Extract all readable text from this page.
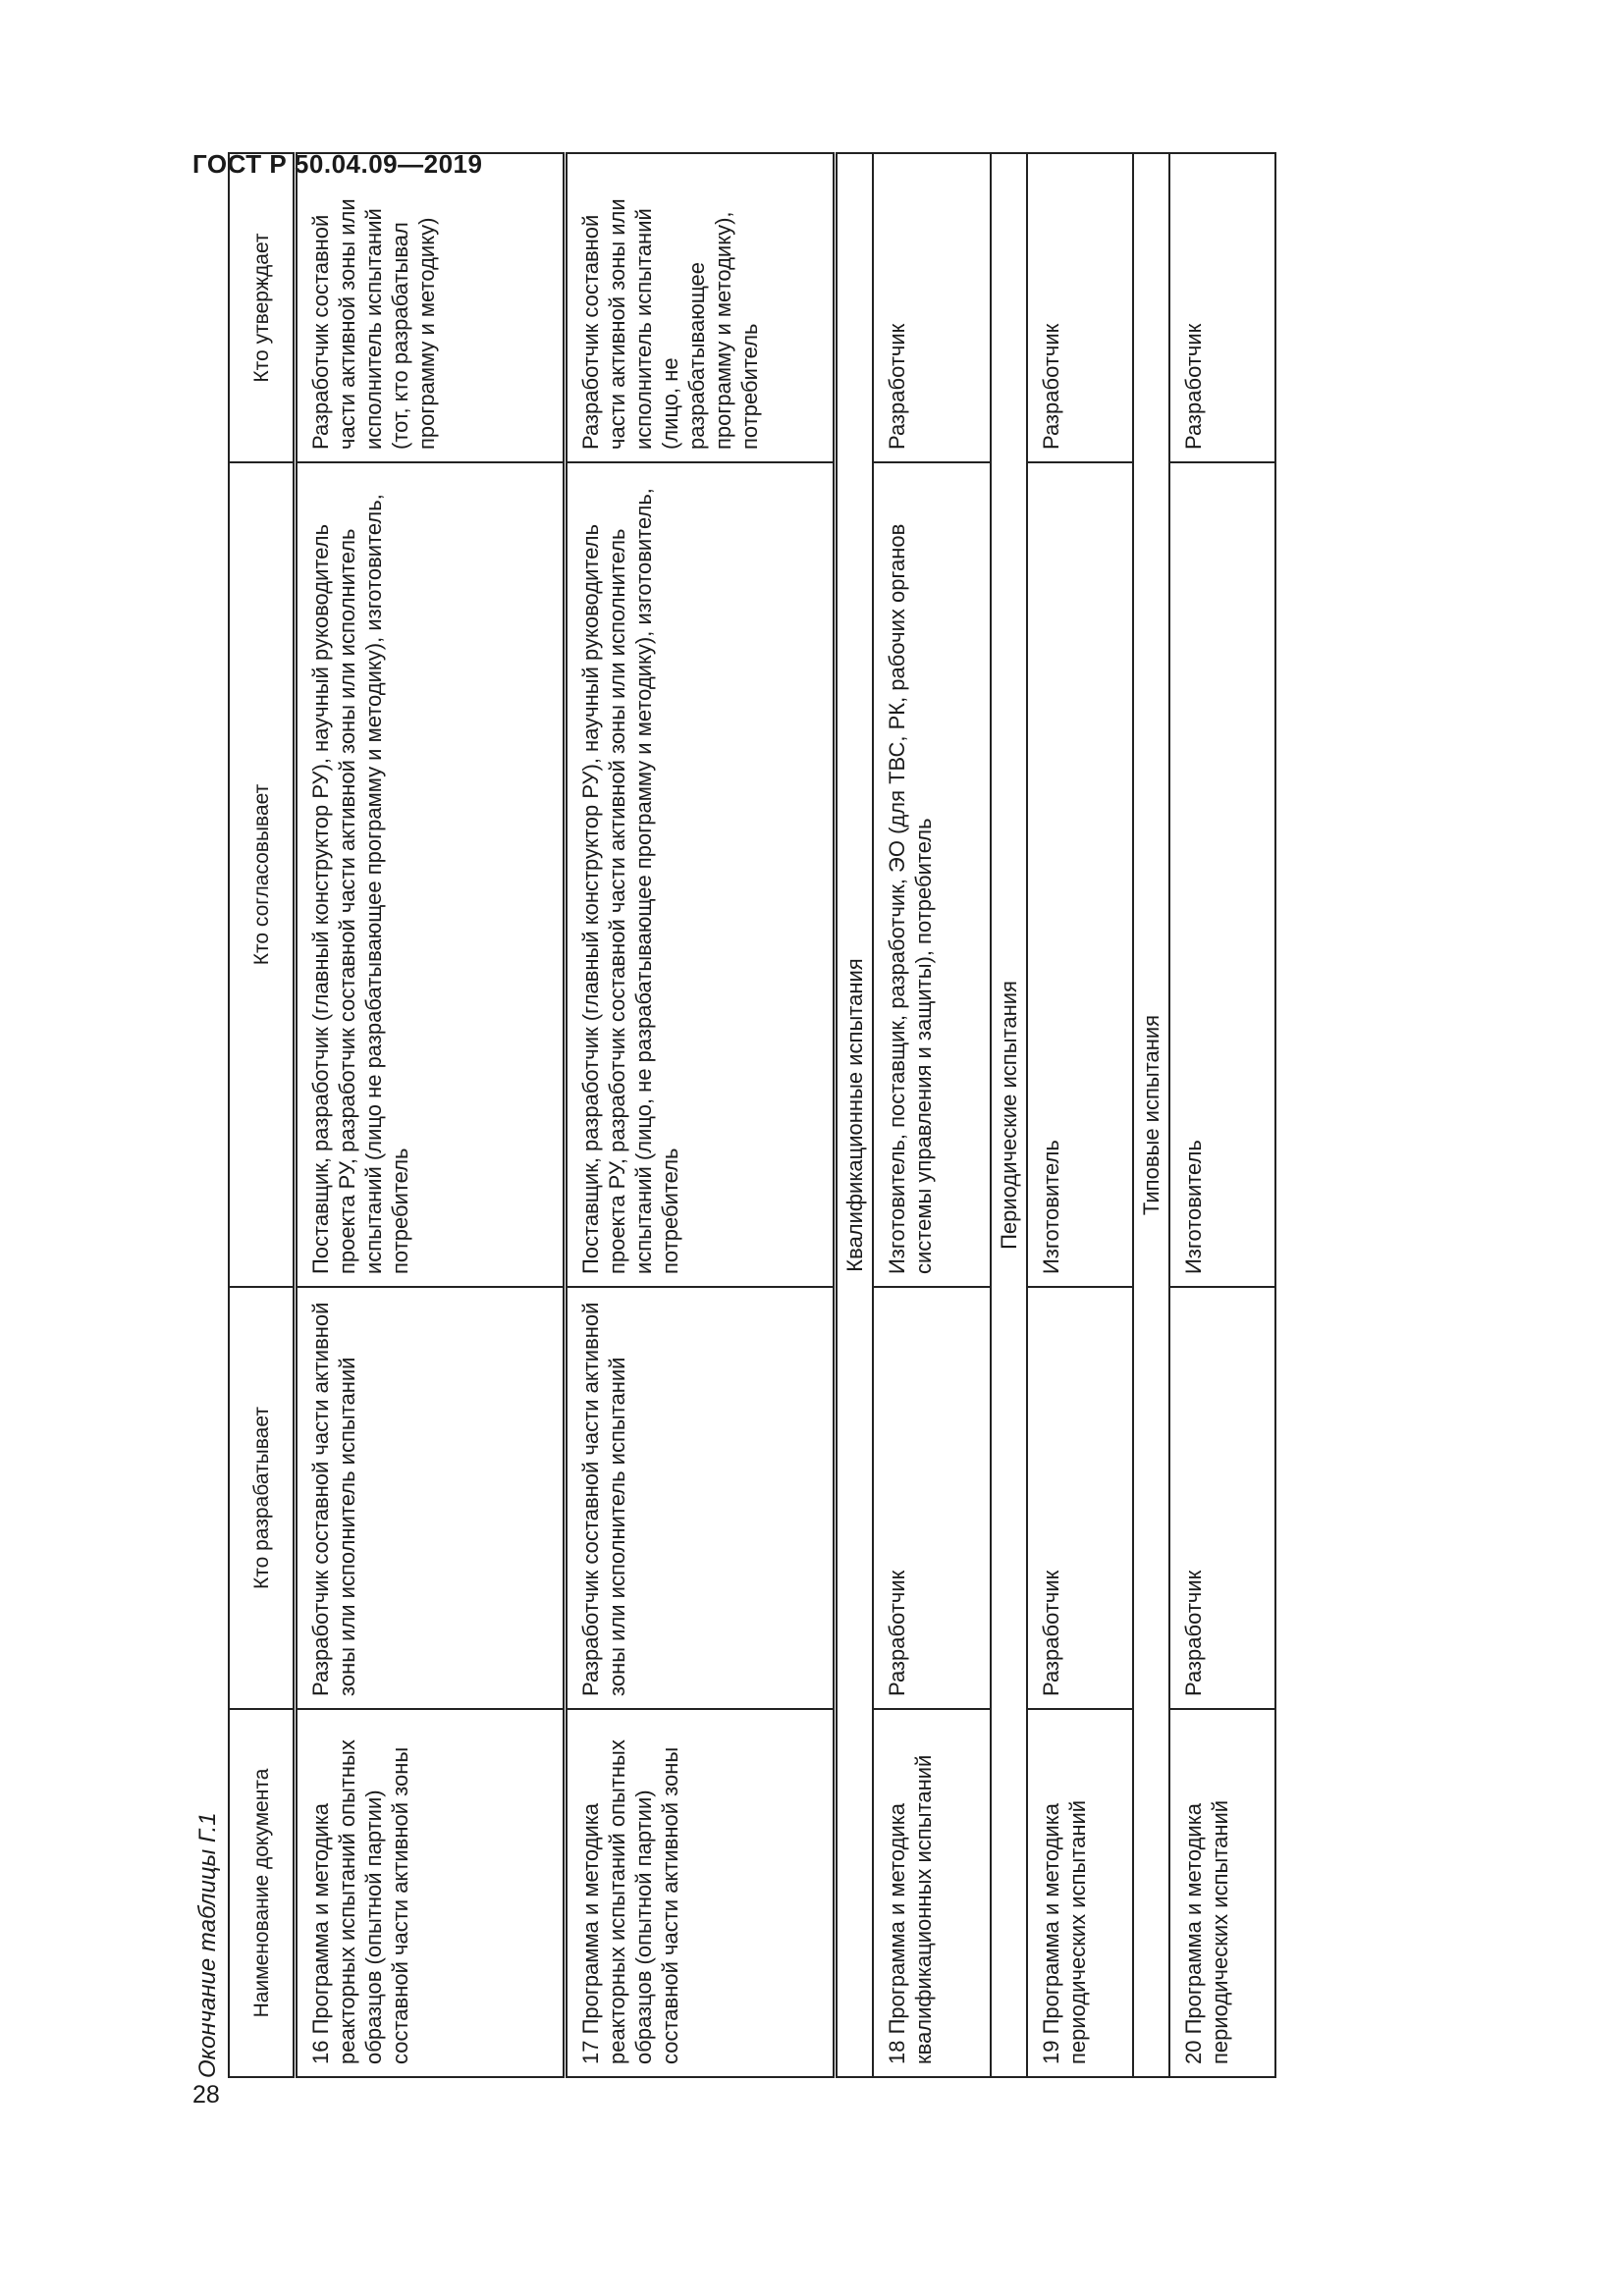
ГОСТ Р 50.04.09—2019
Окончание таблицы Г.1 Наименование документа	Кто разрабатывает	Кто согласовывает	Кто утверждает
16 Программа и методика реакторных испытаний опытных образцов (опытной партии) составной части активной зоны	Разработчик составной части активной зоны или исполнитель испытаний	Поставщик, разработчик (главный конструктор РУ), научный руководитель проекта РУ, разработчик составной части активной зоны или исполнитель испытаний (лицо не разрабатывающее программу и методику), изготовитель, потребитель	Разработчик составной части активной зоны или исполнитель испытаний (тот, кто разрабатывал программу и методику)
17 Программа и методика реакторных испытаний опытных образцов (опытной партии) составной части активной зоны	Разработчик составной части активной зоны или исполнитель испытаний	Поставщик, разработчик (главный конструктор РУ), научный руководитель проекта РУ, разработчик составной части активной зоны или исполнитель испытаний (лицо, не разрабатывающее программу и методику), изготовитель, потребитель	Разработчик составной части активной зоны или исполнитель испытаний (лицо, не разрабатывающее программу и методику), потребитель
Квалификационные испытания			
18 Программа и методика квалификационных испытаний	Разработчик	Изготовитель, поставщик, разработчик, ЭО (для ТВС, РК, рабочих органов системы управления и защиты), потребитель	Разработчик
Периодические испытания			
19 Программа и методика периодических испытаний	Разработчик	Изготовитель	Разработчик
Типовые испытания			
20 Программа и методика периодических испытаний	Разработчик	Изготовитель	Разработчик
28
